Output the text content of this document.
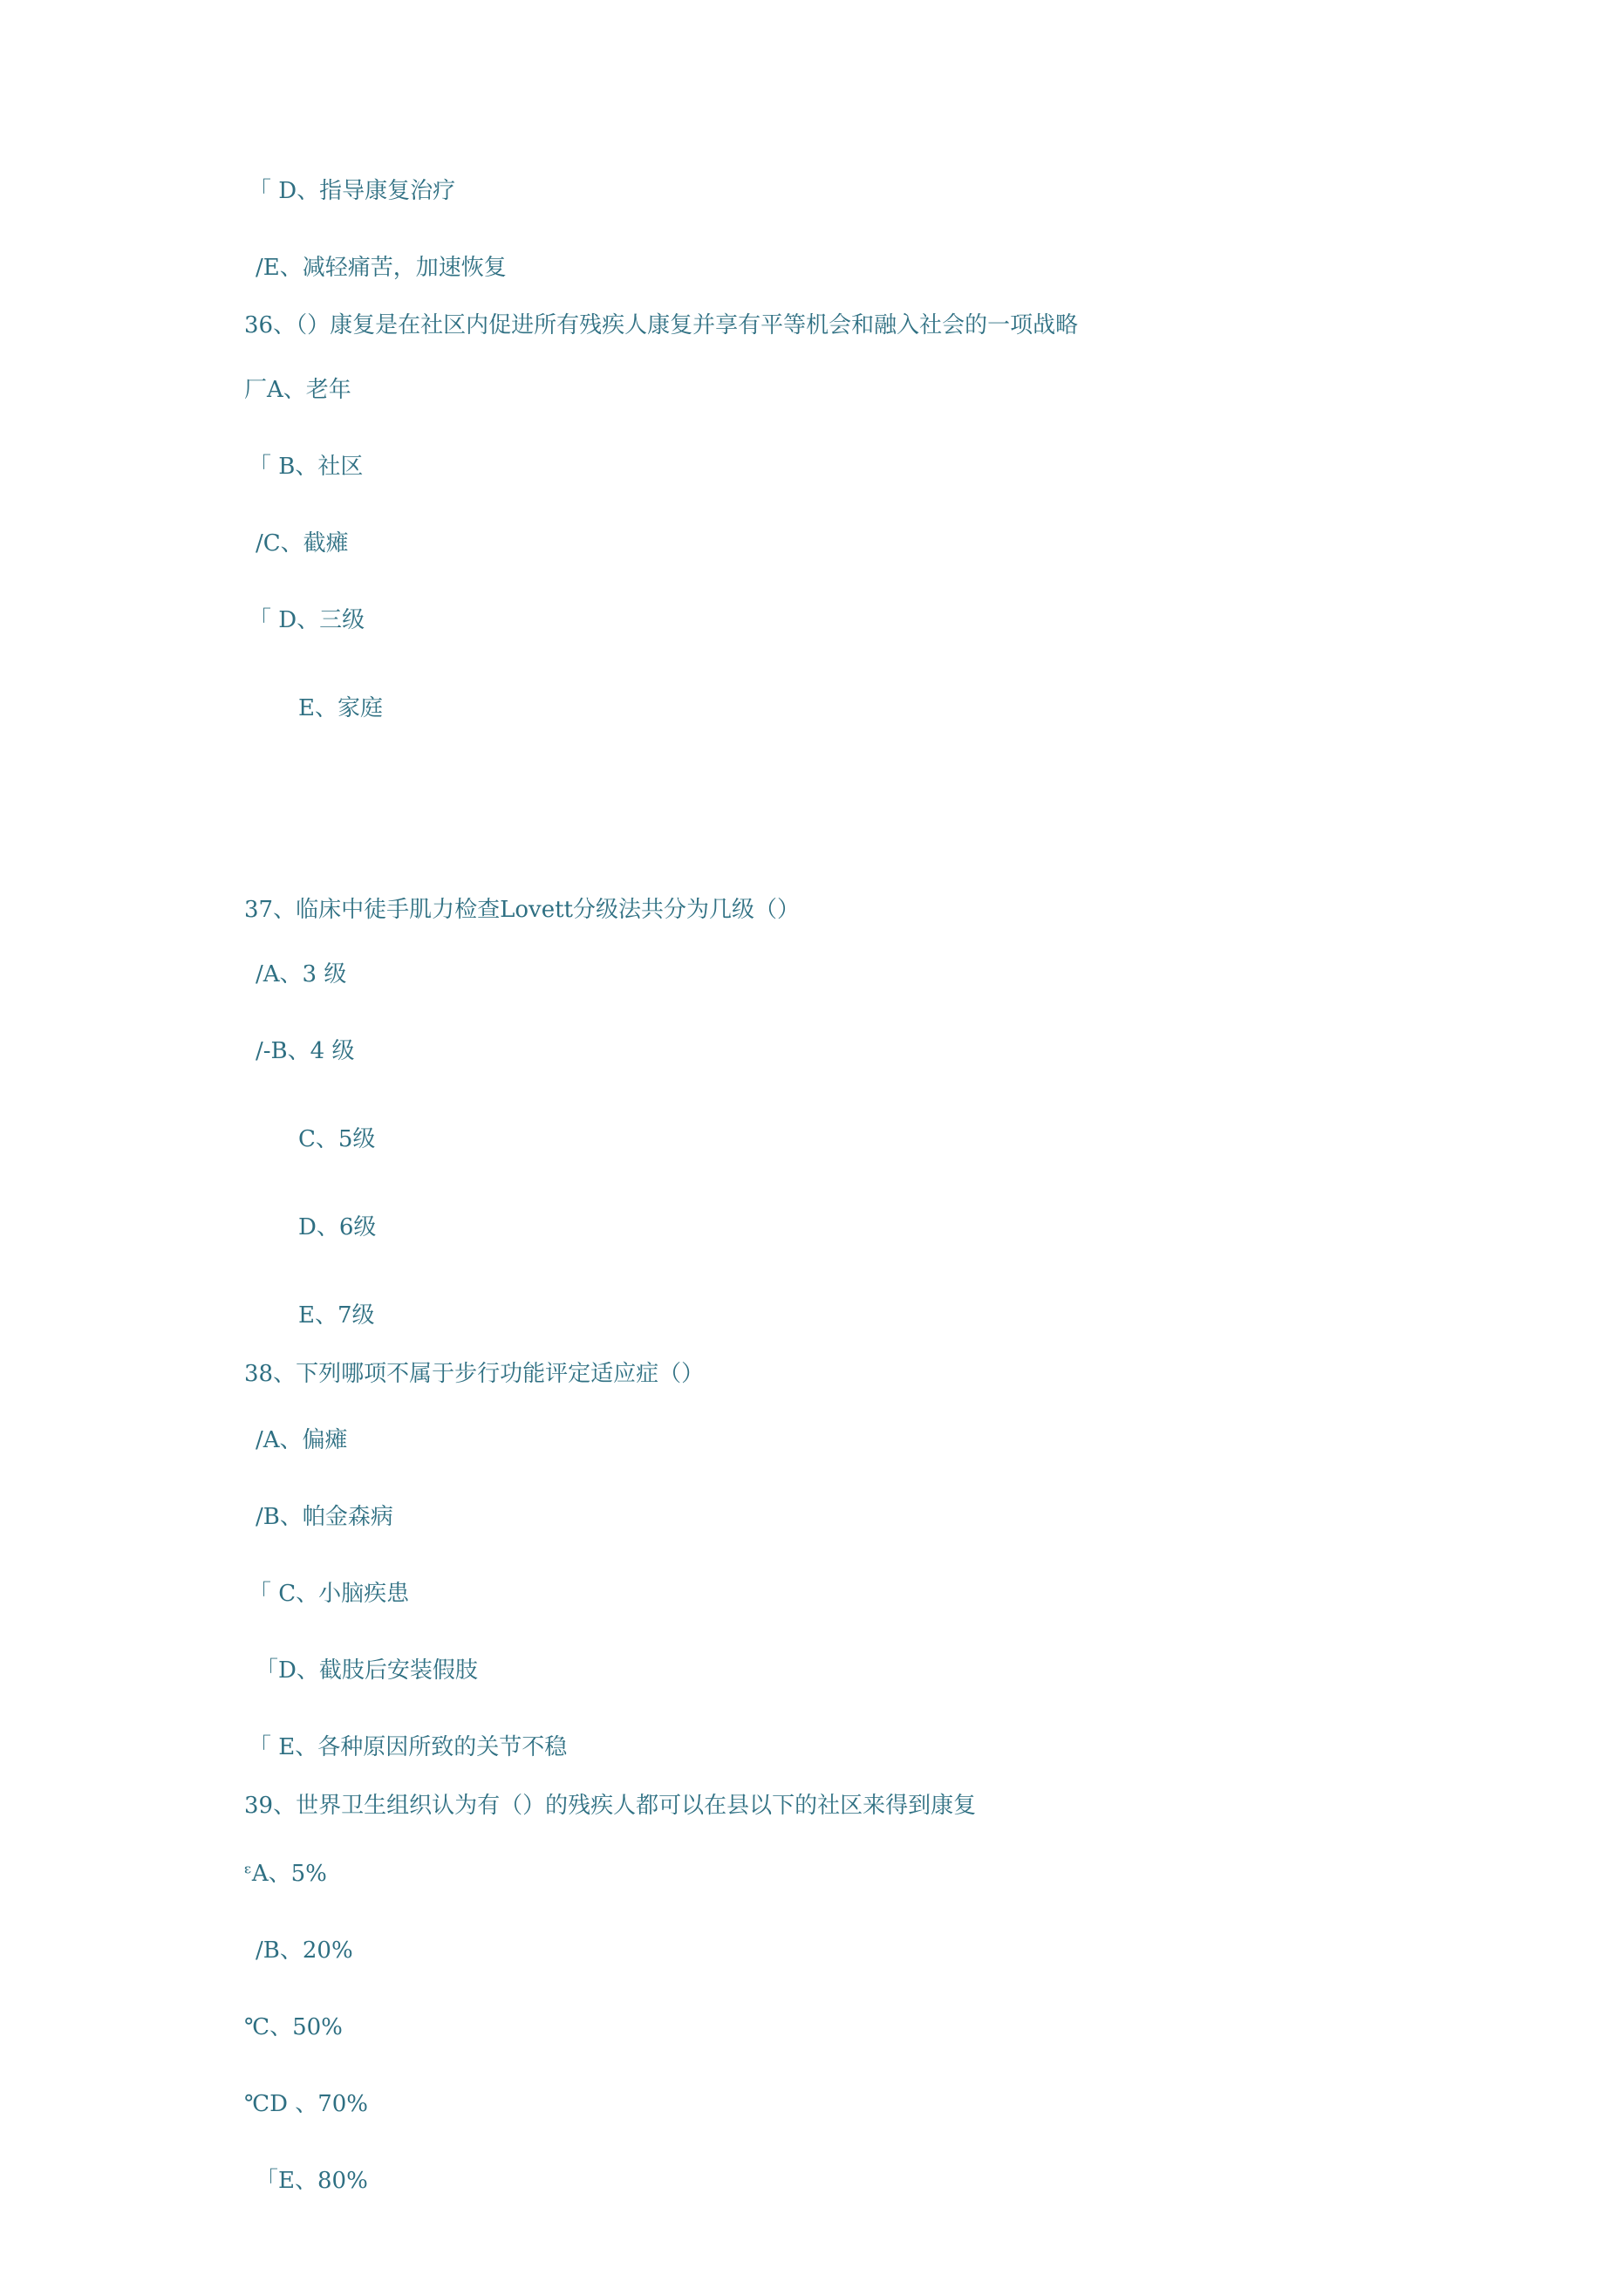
「 D、指导康复治疗
/E、减轻痛苦，加速恢复
36、（）康复是在社区内促进所有残疾人康复并享有平等机会和融入社会的一项战略
厂A、老年
「 B、社区
/C、截瘫
「 D、三级
E、家庭
37、临床中徒手肌力检查Lovett分级法共分为几级（）
/A、3 级
/-B、4 级
C、5级
D、6级
E、7级
38、下列哪项不属于步行功能评定适应症（）
/A、偏瘫
/B、帕金森病
「 C、小脑疾患
「D、截肢后安装假肢
「 E、各种原因所致的关节不稳
39、世界卫生组织认为有（）的残疾人都可以在县以下的社区来得到康复
ᵋA、5%
/B、20%
℃、50%
℃D 、70%
「E、80%
